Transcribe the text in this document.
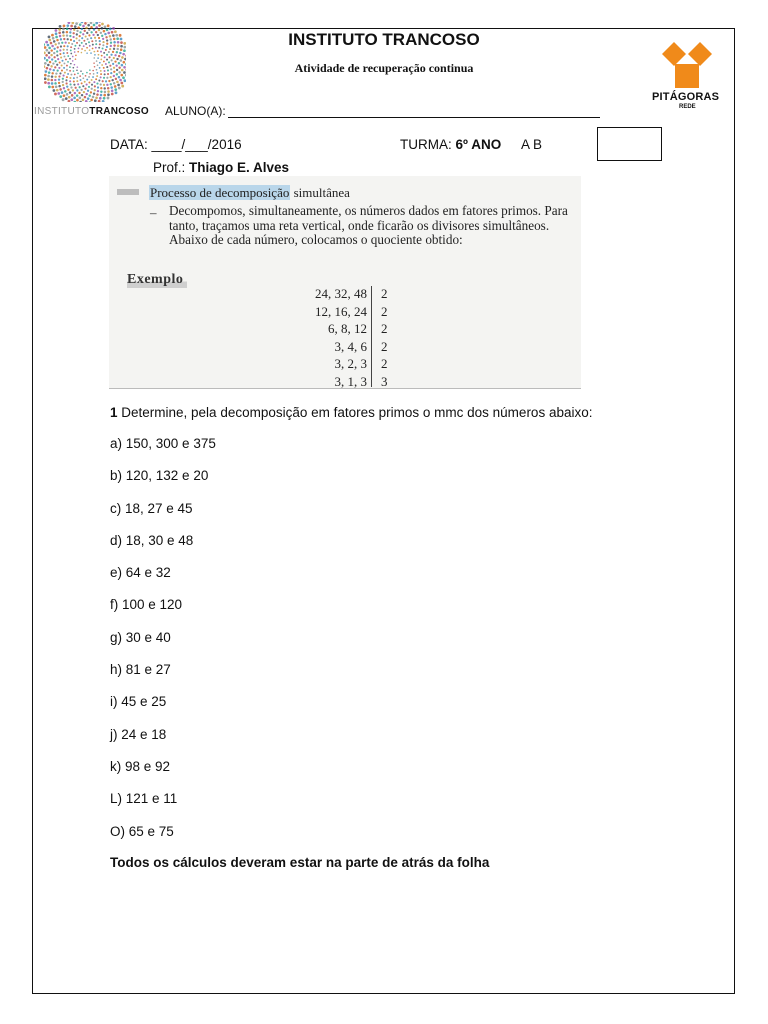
INSTITUTOTRANCOSO
INSTITUTO TRANCOSO
Atividade de recuperação continua
ALUNO(A):
PITÁGORAS
REDE
DATA: ____/___/2016	TURMA: 6º ANO A B
Prof.: Thiago E. Alves
Processo de decomposição simultânea
– Decompomos, simultaneamente, os números dados em fatores primos. Para tanto, traçamos uma reta vertical, onde ficarão os divisores simultâneos. Abaixo de cada número, colocamos o quociente obtido:
Exemplo
24, 32, 48 2
12, 16, 24 2
6, 8, 12 2
3, 4, 6 2
3, 2, 3 2
3, 1, 3 3
1 Determine, pela decomposição em fatores primos o mmc dos números abaixo:
a) 150, 300 e 375
b) 120, 132 e 20
c) 18, 27 e 45
d) 18, 30 e 48
e) 64 e 32
f) 100 e 120
g) 30 e 40
h) 81 e 27
i) 45 e 25
j) 24 e 18
k) 98 e 92
L) 121 e 11
O) 65 e 75
Todos os cálculos deveram estar na parte de atrás da folha
